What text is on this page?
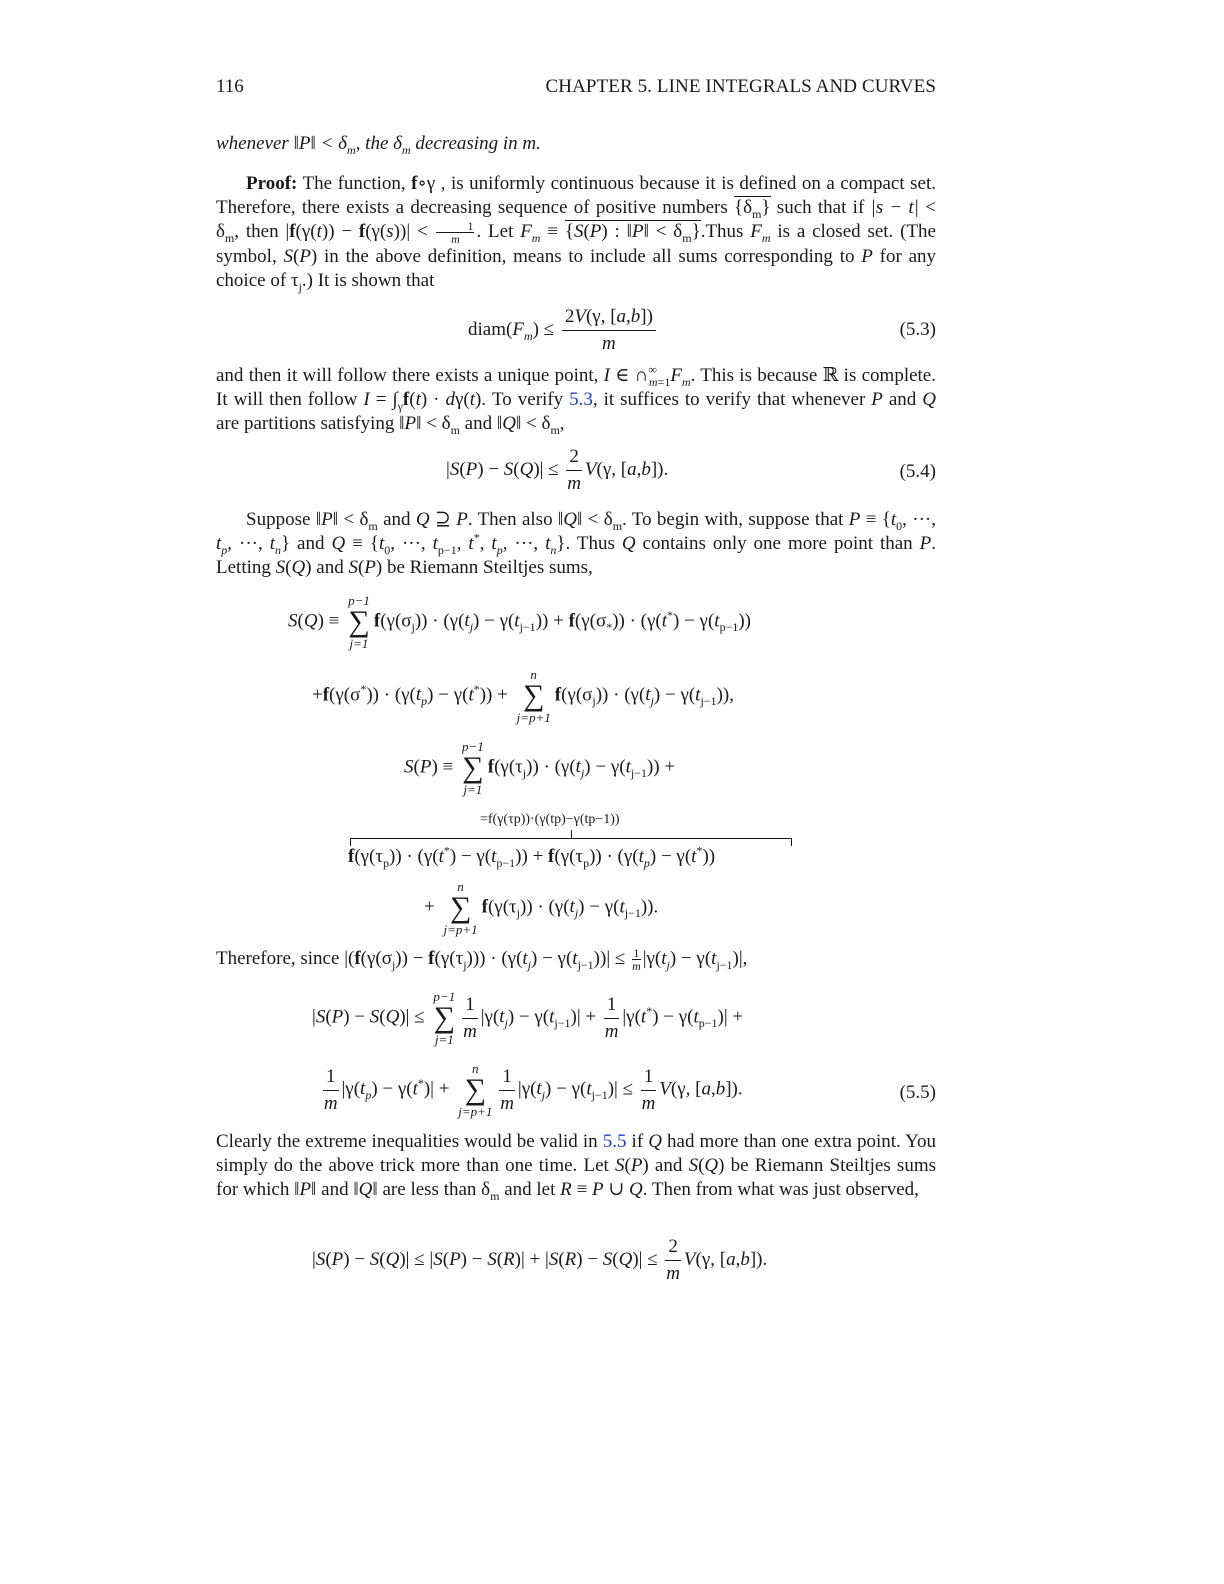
116	CHAPTER 5. LINE INTEGRALS AND CURVES

whenever ‖P‖ < $\delta_m$, the $\delta_m$ decreasing in m.

Proof: The function, f∘γ , is uniformly continuous because it is defined on a compact set. Therefore, there exists a decreasing sequence of positive numbers $\{\delta_m\}$ such that if $|s - t| < \delta_m$, then $|f(\gamma(t)) - f(\gamma(s))| < \frac{1}{m}$ . Let $F_m \equiv \{S(P)$ : ‖P‖ < $\delta_m\}.Thus$ $F_m$ is a closed set. (The symbol, S(P) in the above definition, means to include all sums corresponding to P for any choice of $\tau_j$.) It is shown that

$diam(F_m) \le \frac{2V(\gamma, [a,b])}{m}$	(5.3)

and then it will follow there exists a unique point, I ∈ $\cap^\infty_{m=1}F_m$. This is because ℝ is complete. It will then follow $I = \int_\gamma f(t) \cdot d\gamma(t)$. To verify 5.3, it suffices to verify that whenever P and Q are partitions satisfying ‖P‖ < $\delta_m$ and ‖Q‖ < $\delta_m$,

$|S(P) - S(Q)| \le \frac{2}{m} V(\gamma$, [a,b]).	(5.4)

Suppose ‖P‖ < $\delta_m$ and Q ⊇ P. Then also ‖Q‖ < $\delta_m$. To begin with, suppose that $P \equiv \{t_0$, ···, $t_p$, ···, $t_n$} and $Q \equiv \{t_0$, ···, $t_{p-1}$, t*, $t_p$, ···, $t_n$}. Thus Q contains only one more point than P. Letting S(Q) and S(P) be Riemann Steiltjes sums,

S(Q) ≡
p−1
∑
j=1
$f(\gamma(\sigma_j)) \cdot (\gamma(t_j) - \gamma(t_{j-1})) + f(\gamma(\sigma_*)) \cdot (\gamma(t^*) - \gamma(t_{p-1}))$
$+f(\gamma(\sigma^*)) \cdot (\gamma(t_p) - \gamma(t^*))$ +
n
∑
j=p+1
$f(\gamma(\sigma_j)) \cdot (\gamma(t_j) - \gamma(t_{j-1}))$,
S(P) ≡
p−1
∑
j=1
$f(\gamma(\tau_j)) \cdot (\gamma(t_j) - \gamma(t_{j-1}))$ +
=f(γ(τp))·(γ(tp)−γ(tp−1))
$f(\gamma(\tau_p)) \cdot (\gamma(t^*) - \gamma(t_{p-1})) + f(\gamma(\tau_p)) \cdot (\gamma(t_p) - \gamma(t^*))$
+
n
∑
j=p+1
$f(\gamma(\tau_j)) \cdot (\gamma(t_j) - \gamma(t_{j-1}))$.

Therefore, since $|(f(\gamma(\sigma_j)) - f(\gamma(\tau_j))) \cdot (\gamma(t_j) - \gamma(t_{j-1}))| \le \frac{1}{m} |\gamma(t_j) - \gamma(t_{j-1})|$,

|S(P) − S(Q)| ≤
p−1
∑
$j=1 \frac{1}{m} |\gamma(t_j) - \gamma(t_{j-1})| + \frac{1}{m} |\gamma(t^*) - \gamma(t_{p-1})|$ +
$\frac{1}{m} |\gamma(t_p) - \gamma(t^*)|$ +
n
∑
$j=p+1 \frac{1}{m} |\gamma(t_j) - \gamma(t_{j-1})| \le \frac{1}{m} V(\gamma$, [a,b]).	(5.5)

Clearly the extreme inequalities would be valid in 5.5 if Q had more than one extra point. You simply do the above trick more than one time. Let S(P) and S(Q) be Riemann Steiltjes sums for which ‖P‖ and ‖Q‖ are less than $\delta_m$ and let R ≡ P ∪ Q. Then from what was just observed,

$|S(P) - S(Q)| \le |S(P) - S(R)| + |S(R) - S(Q)| \le \frac{2}{m} V(\gamma$, [a,b]).
